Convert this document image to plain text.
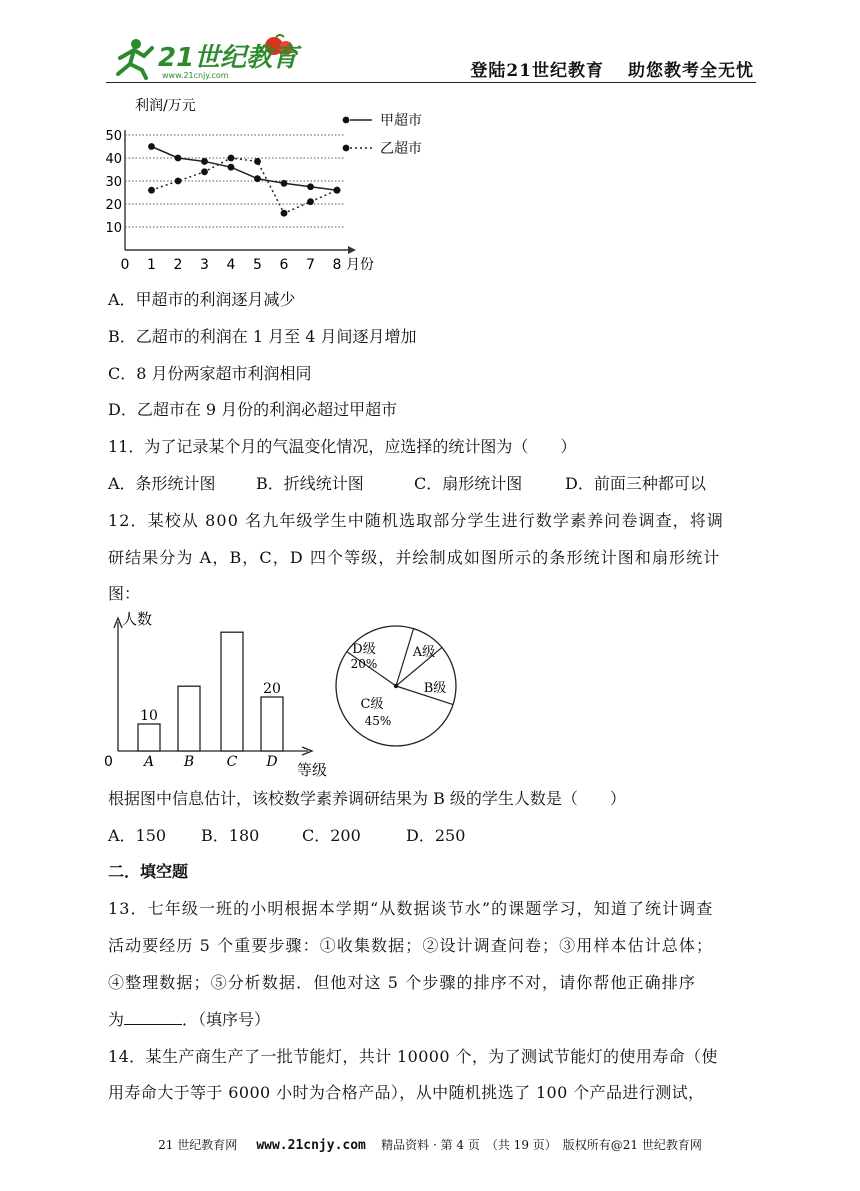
21世纪教育
www.21cnjy.com	登陆21世纪教育 助您教考全无忧
利润/万元
10
20
30
40
50
0 1 2 3 4 5 6 7 8 月份
甲超市
乙超市
A．甲超市的利润逐月减少
B．乙超市的利润在 1 月至 4 月间逐月增加
C．8 月份两家超市利润相同
D．乙超市在 9 月份的利润必超过甲超市
11．为了记录某个月的气温变化情况，应选择的统计图为（　　）
A．条形统计图	B．折线统计图	C．扇形统计图	D．前面三种都可以
12．某校从 800 名九年级学生中随机选取部分学生进行数学素养问卷调查，将调
研结果分为 A，B，C，D 四个等级，并绘制成如图所示的条形统计图和扇形统计
图：
人数
0	等级
A
10
B C D
20
D级
20%
A级
B级
C级
45%
根据图中信息估计，该校数学素养调研结果为 B 级的学生人数是（　　）
A．150 B．180	C．200	D．250
二．填空题
13．七年级一班的小明根据本学期“从数据谈节水”的课题学习，知道了统计调查
活动要经历 5 个重要步骤：①收集数据；②设计调查问卷；③用样本估计总体；
④整理数据；⑤分析数据．但他对这 5 个步骤的排序不对，请你帮他正确排序
为	．（填序号）
14．某生产商生产了一批节能灯，共计 10000 个，为了测试节能灯的使用寿命（使
用寿命大于等于 6000 小时为合格产品），从中随机挑选了 100 个产品进行测试，
21 世纪教育网 www.21cnjy.com 精品资料 · 第 4 页　（共 19 页）　版权所有@21 世纪教育网
